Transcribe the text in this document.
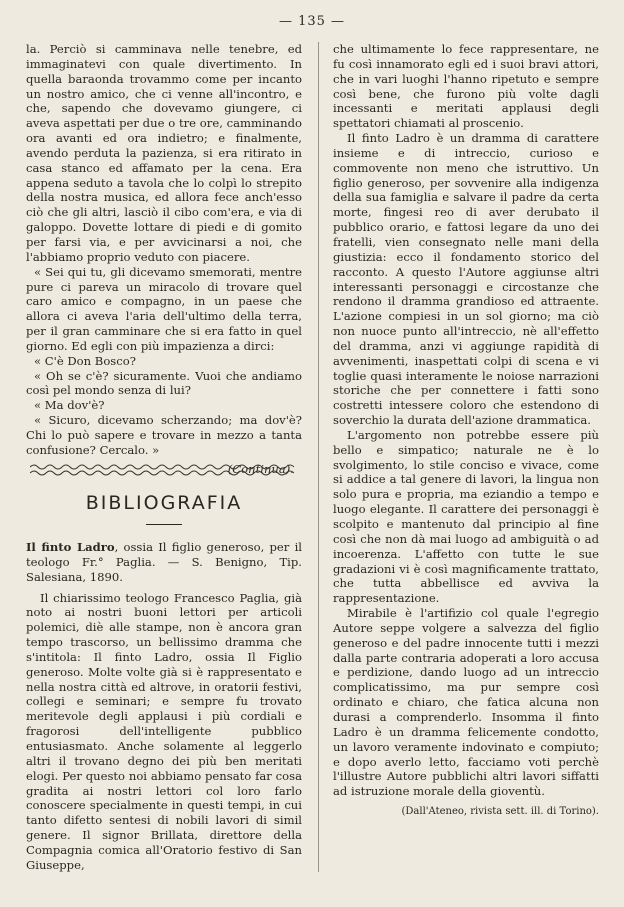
— 135 —

la. Perciò si camminava nelle tenebre, ed immaginatevi con quale divertimento. In quella baraonda trovammo come per incanto un nostro amico, che ci venne all'incontro, e che, sapendo che dovevamo giungere, ci aveva aspettati per due o tre ore, camminando ora avanti ed ora indietro; e finalmente, avendo perduta la pazienza, si era ritirato in casa stanco ed affamato per la cena. Era appena seduto a tavola che lo colpì lo strepito della nostra musica, ed allora fece anch'esso ciò che gli altri, lasciò il cibo com'era, e via di galoppo. Dovette lottare di piedi e di gomito per farsi via, e per avvicinarsi a noi, che l'abbiamo proprio veduto con piacere.

« Sei qui tu, gli dicevamo smemorati, mentre pure ci pareva un miracolo di trovare quel caro amico e compagno, in un paese che allora ci aveva l'aria dell'ultimo della terra, per il gran camminare che si era fatto in quel giorno. Ed egli con più impazienza a dirci:

« C'è Don Bosco?

« Oh se c'è? sicuramente. Vuoi che andiamo così pel mondo senza di lui?

« Ma dov'è?

« Sicuro, dicevamo scherzando; ma dov'è? Chi lo può sapere e trovare in mezzo a tanta confusione? Cercalo. »

(Continua).

BIBLIOGRAFIA

Il finto Ladro, ossia Il figlio generoso, per il teologo Fr.° Paglia. — S. Benigno, Tip. Salesiana, 1890.

Il chiarissimo teologo Francesco Paglia, già noto ai nostri buoni lettori per articoli polemici, diè alle stampe, non è ancora gran tempo trascorso, un bellissimo dramma che s'intitola: Il finto Ladro, ossia Il Figlio generoso. Molte volte già si è rappresentato e nella nostra città ed altrove, in oratorii festivi, collegi e seminari; e sempre fu trovato meritevole degli applausi i più cordiali e fragorosi dell'intelligente pubblico entusiasmato. Anche solamente al leggerlo altri il trovano degno dei più ben meritati elogi. Per questo noi abbiamo pensato far cosa gradita ai nostri lettori col loro farlo conoscere specialmente in questi tempi, in cui tanto difetto sentesi di nobili lavori di simil genere. Il signor Brillata, direttore della Compagnia comica all'Oratorio festivo di San Giuseppe,

che ultimamente lo fece rappresentare, ne fu così innamorato egli ed i suoi bravi attori, che in vari luoghi l'hanno ripetuto e sempre così bene, che furono più volte dagli incessanti e meritati applausi degli spettatori chiamati al proscenio.

Il finto Ladro è un dramma di carattere insieme e di intreccio, curioso e commovente non meno che istruttivo. Un figlio generoso, per sovvenire alla indigenza della sua famiglia e salvare il padre da certa morte, fingesi reo di aver derubato il pubblico orario, e fattosi legare da uno dei fratelli, vien consegnato nelle mani della giustizia: ecco il fondamento storico del racconto. A questo l'Autore aggiunse altri interessanti personaggi e circostanze che rendono il dramma grandioso ed attraente. L'azione compiesi in un sol giorno; ma ciò non nuoce punto all'intreccio, nè all'effetto del dramma, anzi vi aggiunge rapidità di avvenimenti, inaspettati colpi di scena e vi toglie quasi interamente le noiose narrazioni storiche che per connettere i fatti sono costretti intessere coloro che estendono di soverchio la durata dell'azione drammatica.

L'argomento non potrebbe essere più bello e simpatico; naturale ne è lo svolgimento, lo stile conciso e vivace, come si addice a tal genere di lavori, la lingua non solo pura e propria, ma eziandio a tempo e luogo elegante. Il carattere dei personaggi è scolpito e mantenuto dal principio al fine così che non dà mai luogo ad ambiguità o ad incoerenza. L'affetto con tutte le sue gradazioni vi è così magnificamente trattato, che tutta abbellisce ed avviva la rappresentazione.

Mirabile è l'artifizio col quale l'egregio Autore seppe volgere a salvezza del figlio generoso e del padre innocente tutti i mezzi dalla parte contraria adoperati a loro accusa e perdizione, dando luogo ad un intreccio complicatissimo, ma pur sempre così ordinato e chiaro, che fatica alcuna non durasi a comprenderlo. Insomma il finto Ladro è un dramma felicemente condotto, un lavoro veramente indovinato e compiuto; e dopo averlo letto, facciamo voti perchè l'illustre Autore pubblichi altri lavori siffatti ad istruzione morale della gioventù.

(Dall'Ateneo, rivista sett. ill. di Torino).
